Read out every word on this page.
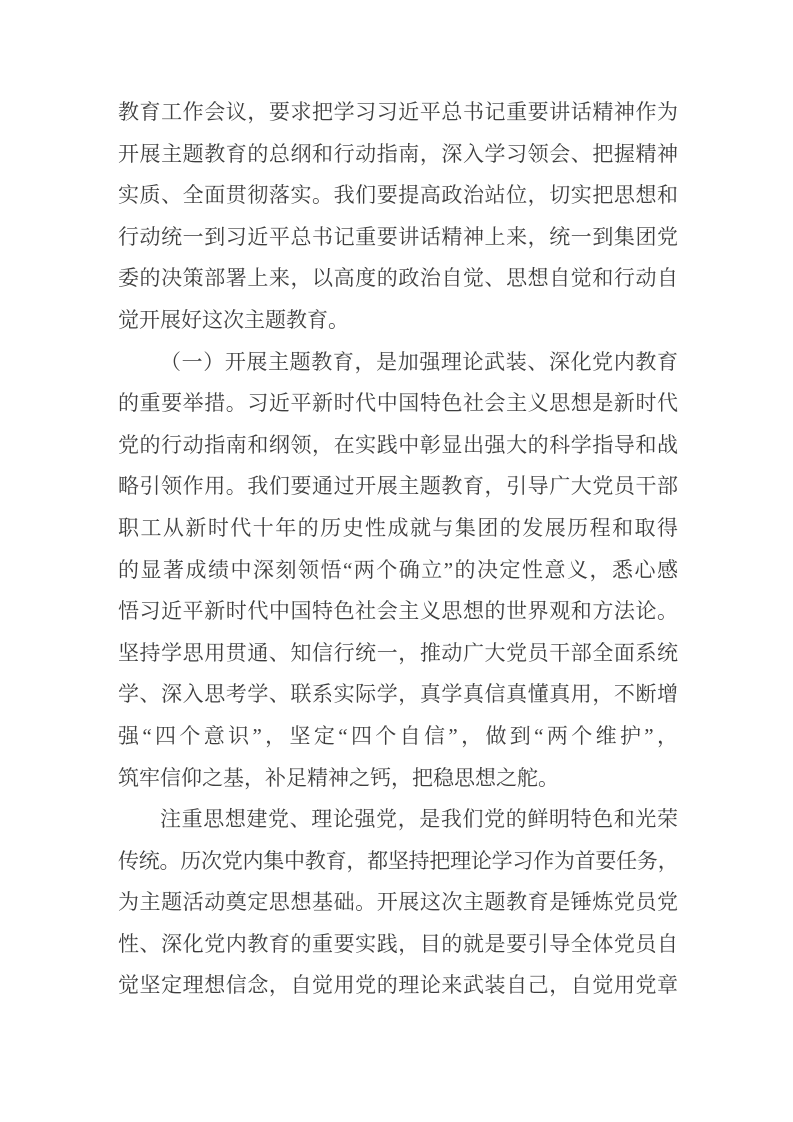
教育工作会议，要求把学习习近平总书记重要讲话精神作为
开展主题教育的总纲和行动指南，深入学习领会、把握精神
实质、全面贯彻落实。我们要提高政治站位，切实把思想和
行动统一到习近平总书记重要讲话精神上来，统一到集团党
委的决策部署上来，以高度的政治自觉、思想自觉和行动自
觉开展好这次主题教育。
（一）开展主题教育，是加强理论武装、深化党内教育
的重要举措。习近平新时代中国特色社会主义思想是新时代
党的行动指南和纲领，在实践中彰显出强大的科学指导和战
略引领作用。我们要通过开展主题教育，引导广大党员干部
职工从新时代十年的历史性成就与集团的发展历程和取得
的显著成绩中深刻领悟“两个确立”的决定性意义，悉心感
悟习近平新时代中国特色社会主义思想的世界观和方法论。
坚持学思用贯通、知信行统一，推动广大党员干部全面系统
学、深入思考学、联系实际学，真学真信真懂真用，不断增
强“四个意识”，坚定“四个自信”，做到“两个维护”，
筑牢信仰之基，补足精神之钙，把稳思想之舵。
注重思想建党、理论强党，是我们党的鲜明特色和光荣
传统。历次党内集中教育，都坚持把理论学习作为首要任务，
为主题活动奠定思想基础。开展这次主题教育是锤炼党员党
性、深化党内教育的重要实践，目的就是要引导全体党员自
觉坚定理想信念，自觉用党的理论来武装自己，自觉用党章
